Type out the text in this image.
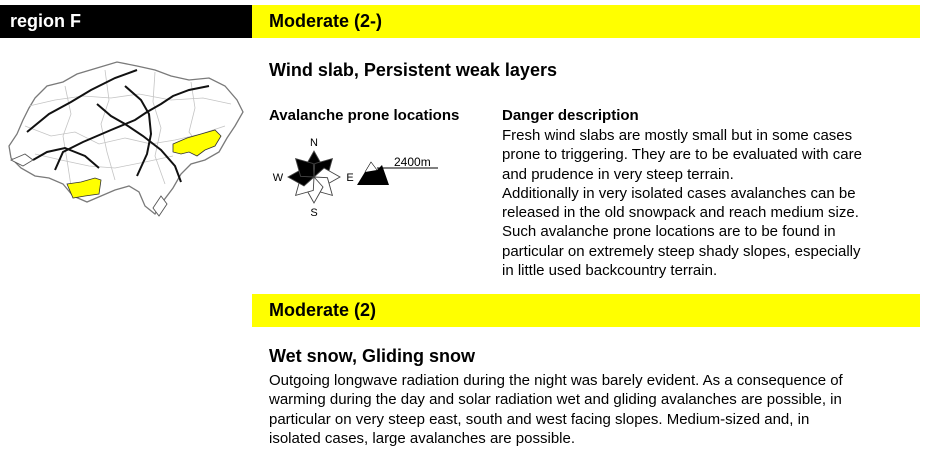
region F	Moderate (2-)
Wind slab, Persistent weak layers
Avalanche prone locations
N
E
S
W
2400m
Danger description
Fresh wind slabs are mostly small but in some cases
prone to triggering. They are to be evaluated with care
and prudence in very steep terrain.
Additionally in very isolated cases avalanches can be
released in the old snowpack and reach medium size.
Such avalanche prone locations are to be found in
particular on extremely steep shady slopes, especially
in little used backcountry terrain.
Moderate (2)
Wet snow, Gliding snow
Outgoing longwave radiation during the night was barely evident. As a consequence of
warming during the day and solar radiation wet and gliding avalanches are possible, in
particular on very steep east, south and west facing slopes. Medium-sized and, in
isolated cases, large avalanches are possible.
